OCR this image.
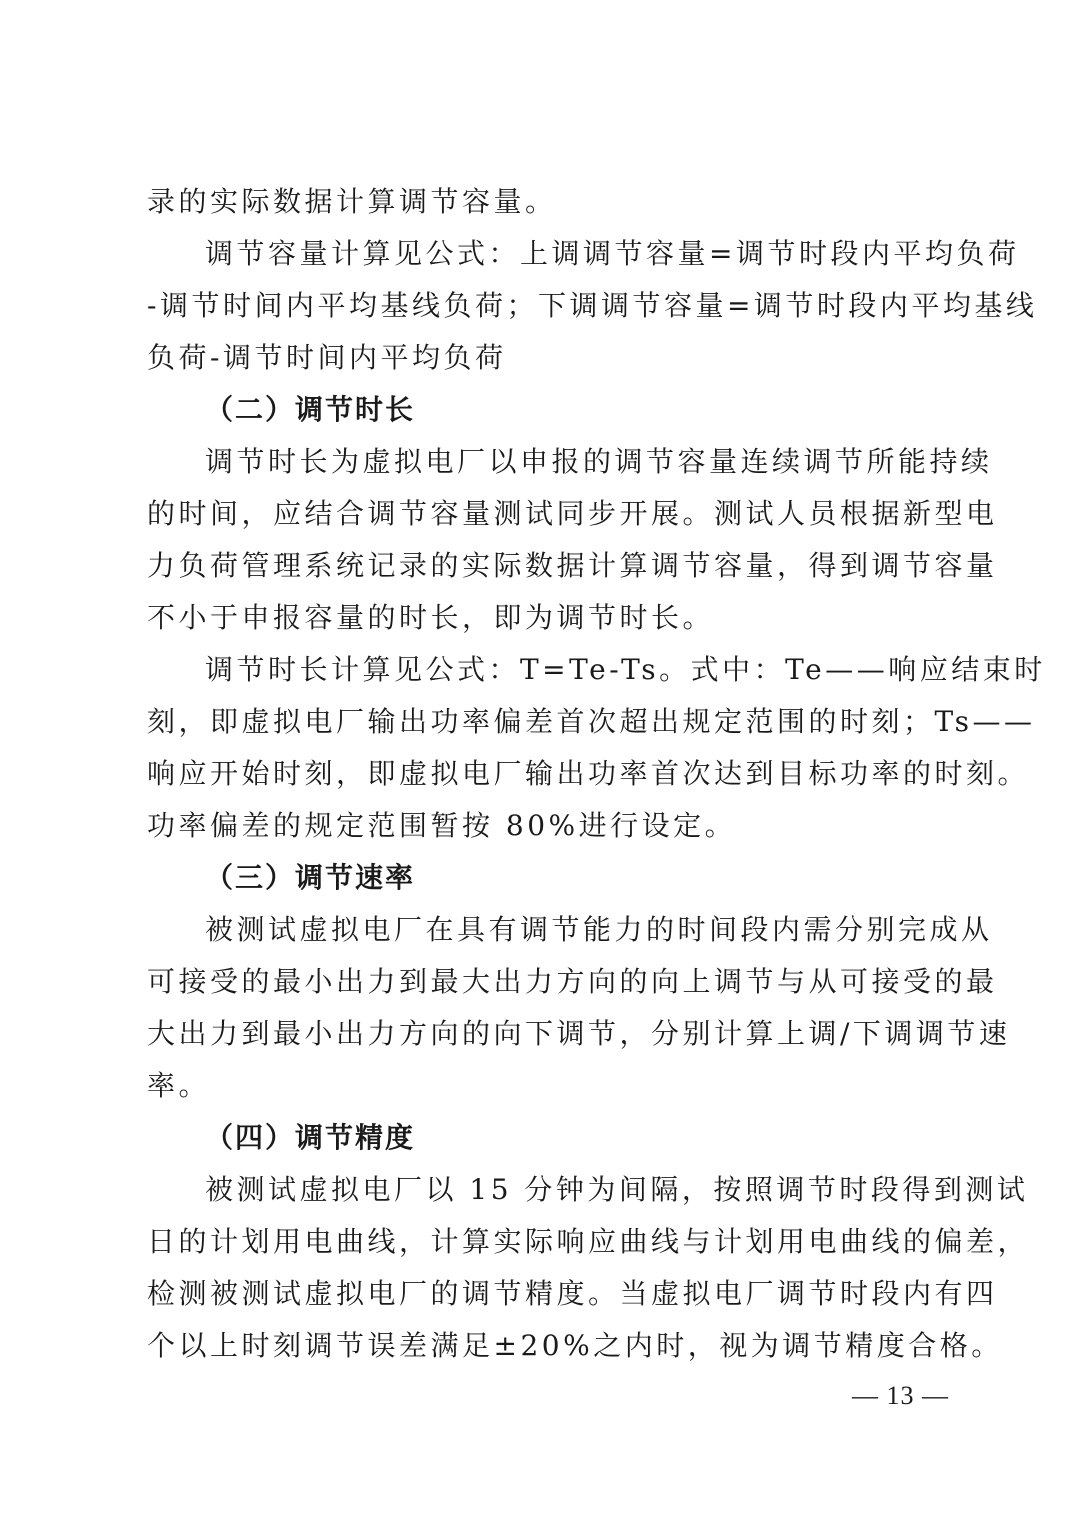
录的实际数据计算调节容量。
调节容量计算见公式：上调调节容量=调节时段内平均负荷
-调节时间内平均基线负荷；下调调节容量=调节时段内平均基线
负荷-调节时间内平均负荷
（二）调节时长
调节时长为虚拟电厂以申报的调节容量连续调节所能持续
的时间，应结合调节容量测试同步开展。测试人员根据新型电
力负荷管理系统记录的实际数据计算调节容量，得到调节容量
不小于申报容量的时长，即为调节时长。
调节时长计算见公式：T=Te-Ts。式中：Te——响应结束时
刻，即虚拟电厂输出功率偏差首次超出规定范围的时刻；Ts——
响应开始时刻，即虚拟电厂输出功率首次达到目标功率的时刻。
功率偏差的规定范围暂按 80%进行设定。
（三）调节速率
被测试虚拟电厂在具有调节能力的时间段内需分别完成从
可接受的最小出力到最大出力方向的向上调节与从可接受的最
大出力到最小出力方向的向下调节，分别计算上调/下调调节速
率。
（四）调节精度
被测试虚拟电厂以 15 分钟为间隔，按照调节时段得到测试
日的计划用电曲线，计算实际响应曲线与计划用电曲线的偏差，
检测被测试虚拟电厂的调节精度。当虚拟电厂调节时段内有四
个以上时刻调节误差满足±20%之内时，视为调节精度合格。
— 13 —
